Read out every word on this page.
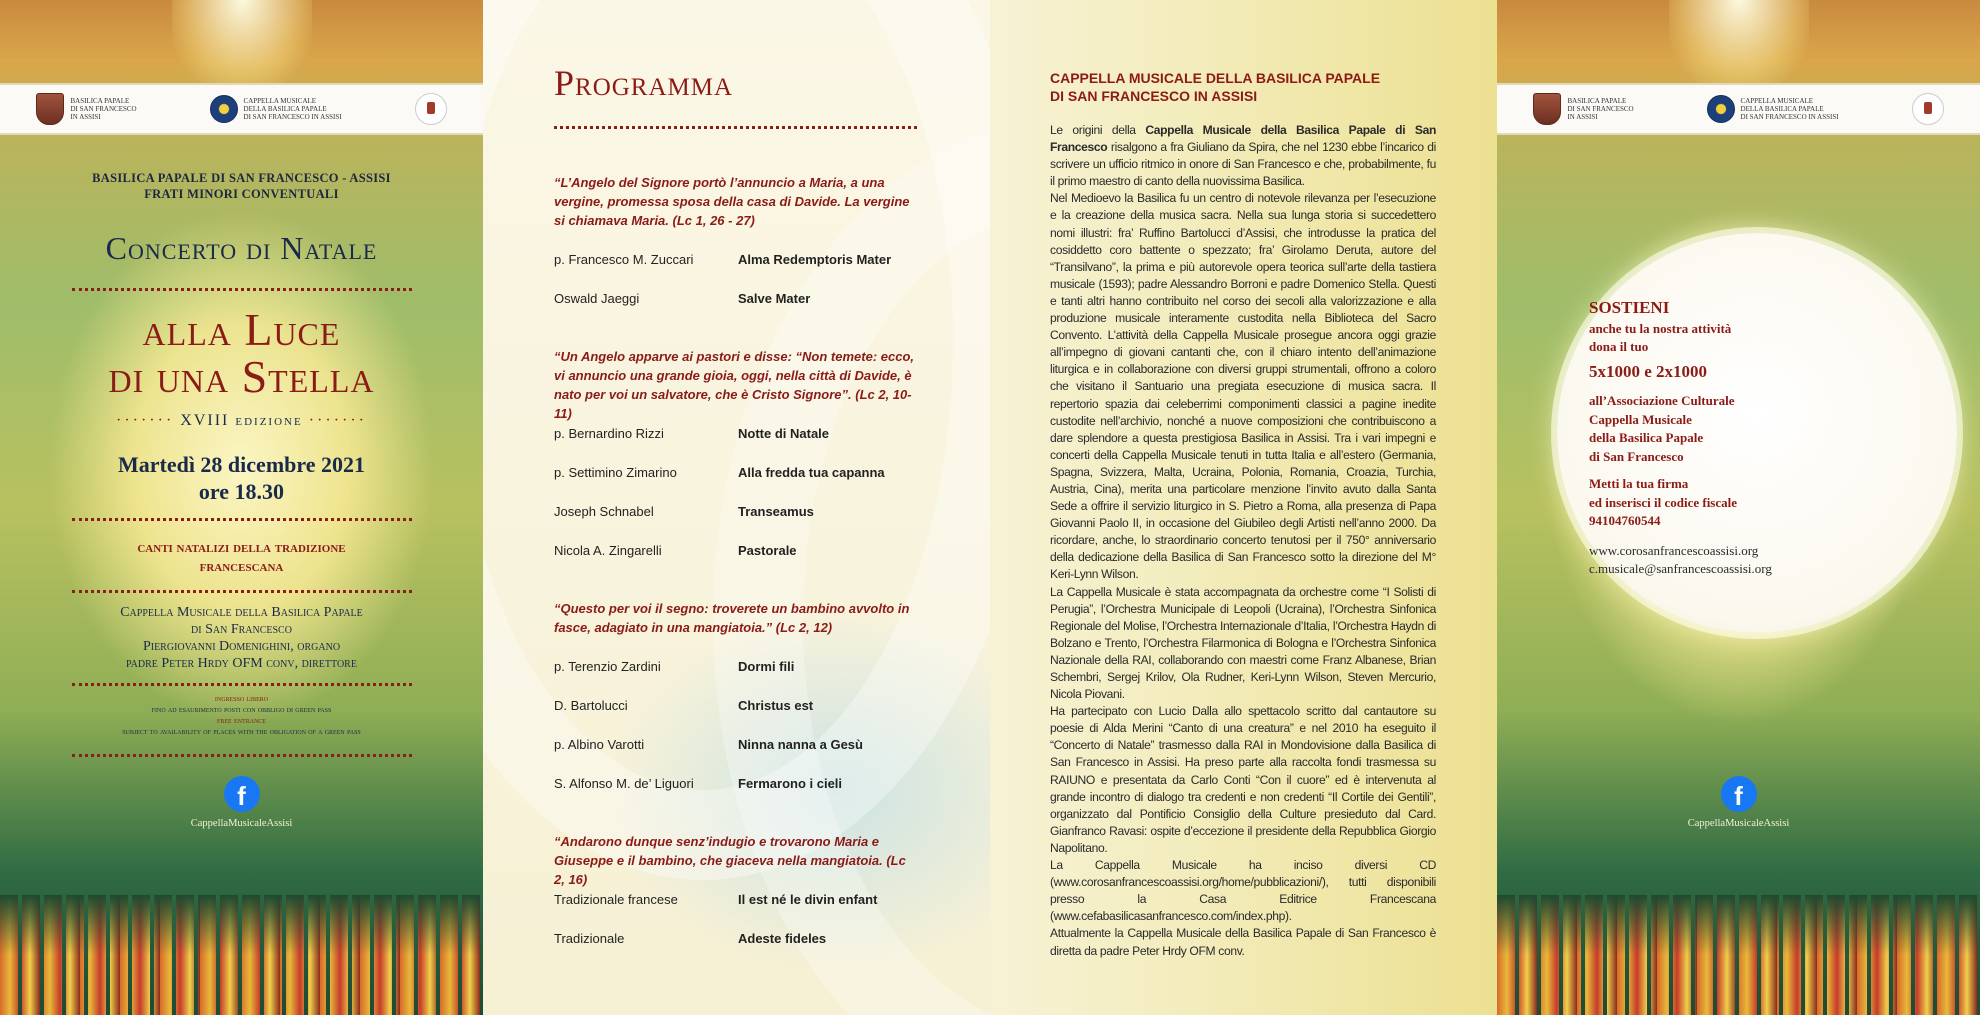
BASILICA PAPALE
DI SAN FRANCESCO
IN ASSISI
CAPPELLA MUSICALE
DELLA BASILICA PAPALE
DI SAN FRANCESCO IN ASSISI
BASILICA PAPALE DI SAN FRANCESCO - ASSISI
FRATI MINORI CONVENTUALI
Concerto di Natale
alla Luce
di una Stella
······· XVIII edizione ·······
Martedì 28 dicembre 2021
ore 18.30
canti natalizi della tradizione
francescana
Cappella Musicale della Basilica Papale
di San Francesco
Piergiovanni Domenighini, organo
padre Peter Hrdy OFM conv, direttore
ingresso libero
fino ad esaurimento posti con obbligo di green pass
free entrance
subject to availability of places with the obligation of a green pass
f
CappellaMusicaleAssisi
Programma
“L’Angelo del Signore portò l’annuncio a Maria, a una vergine, promessa sposa della casa di Davide. La vergine si chiamava Maria. (Lc 1, 26 - 27)
p. Francesco M. Zuccari	Alma Redemptoris Mater
Oswald Jaeggi	Salve Mater
“Un Angelo apparve ai pastori e disse: “Non temete: ecco, vi annuncio una grande gioia, oggi, nella città di Davide, è nato per voi un salvatore, che è Cristo Signore”. (Lc 2, 10-11)
p. Bernardino Rizzi	Notte di Natale
p. Settimino Zimarino	Alla fredda tua capanna
Joseph Schnabel	Transeamus
Nicola A. Zingarelli	Pastorale
“Questo per voi il segno: troverete un bambino avvolto in fasce, adagiato in una mangiatoia.” (Lc 2, 12)
p. Terenzio Zardini	Dormi fili
D. Bartolucci	Christus est
p. Albino Varotti	Ninna nanna a Gesù
S. Alfonso M. de’ Liguori	Fermarono i cieli
“Andarono dunque senz’indugio e trovarono Maria e Giuseppe e il bambino, che giaceva nella mangiatoia. (Lc 2, 16)
Tradizionale francese	Il est né le divin enfant
Tradizionale	Adeste fideles
CAPPELLA MUSICALE DELLA BASILICA PAPALE
DI SAN FRANCESCO IN ASSISI

Le origini della Cappella Musicale della Basilica Papale di San Francesco risalgono a fra Giuliano da Spira, che nel 1230 ebbe l’incarico di scrivere un ufficio ritmico in onore di San Francesco e che, probabilmente, fu il primo maestro di canto della nuovissima Basilica.

Nel Medioevo la Basilica fu un centro di notevole rilevanza per l’esecuzione e la creazione della musica sacra. Nella sua lunga storia si succedettero nomi illustri: fra’ Ruffino Bartolucci d’Assisi, che introdusse la pratica del cosiddetto coro battente o spezzato; fra’ Girolamo Deruta, autore del “Transilvano”, la prima e più autorevole opera teorica sull’arte della tastiera musicale (1593); padre Alessandro Borroni e padre Domenico Stella. Questi e tanti altri hanno contribuito nel corso dei secoli alla valorizzazione e alla produzione musicale interamente custodita nella Biblioteca del Sacro Convento. L’attività della Cappella Musicale prosegue ancora oggi grazie all’impegno di giovani cantanti che, con il chiaro intento dell’animazione liturgica e in collaborazione con diversi gruppi strumentali, offrono a coloro che visitano il Santuario una pregiata esecuzione di musica sacra. Il repertorio spazia dai celeberrimi componimenti classici a pagine inedite custodite nell’archivio, nonché a nuove composizioni che contribuiscono a dare splendore a questa prestigiosa Basilica in Assisi. Tra i vari impegni e concerti della Cappella Musicale tenuti in tutta Italia e all’estero (Germania, Spagna, Svizzera, Malta, Ucraina, Polonia, Romania, Croazia, Turchia, Austria, Cina), merita una particolare menzione l’invito avuto dalla Santa Sede a offrire il servizio liturgico in S. Pietro a Roma, alla presenza di Papa Giovanni Paolo II, in occasione del Giubileo degli Artisti nell’anno 2000. Da ricordare, anche, lo straordinario concerto tenutosi per il 750° anniversario della dedicazione della Basilica di San Francesco sotto la direzione del M° Keri-Lynn Wilson.

La Cappella Musicale è stata accompagnata da orchestre come “I Solisti di Perugia”, l’Orchestra Municipale di Leopoli (Ucraina), l’Orchestra Sinfonica Regionale del Molise, l’Orchestra Internazionale d’Italia, l’Orchestra Haydn di Bolzano e Trento, l’Orchestra Filarmonica di Bologna e l’Orchestra Sinfonica Nazionale della RAI, collaborando con maestri come Franz Albanese, Brian Schembri, Sergej Krilov, Ola Rudner, Keri-Lynn Wilson, Steven Mercurio, Nicola Piovani.

Ha partecipato con Lucio Dalla allo spettacolo scritto dal cantautore su poesie di Alda Merini “Canto di una creatura” e nel 2010 ha eseguito il “Concerto di Natale” trasmesso dalla RAI in Mondovisione dalla Basilica di San Francesco in Assisi. Ha preso parte alla raccolta fondi trasmessa su RAIUNO e presentata da Carlo Conti “Con il cuore” ed è intervenuta al grande incontro di dialogo tra credenti e non credenti “Il Cortile dei Gentili”, organizzato dal Pontificio Consiglio della Culture presieduto dal Card. Gianfranco Ravasi: ospite d’eccezione il presidente della Repubblica Giorgio Napolitano.

La Cappella Musicale ha inciso diversi CD (www.corosanfrancescoassisi.org/home/pubblicazioni/), tutti disponibili presso la Casa Editrice Francescana (www.cefabasilicasanfrancesco.com/index.php).

Attualmente la Cappella Musicale della Basilica Papale di San Francesco è diretta da padre Peter Hrdy OFM conv.

BASILICA PAPALE
DI SAN FRANCESCO
IN ASSISI
CAPPELLA MUSICALE
DELLA BASILICA PAPALE
DI SAN FRANCESCO IN ASSISI
SOSTIENI
anche tu la nostra attività
dona il tuo
5x1000 e 2x1000
all’Associazione Culturale
Cappella Musicale
della Basilica Papale
di San Francesco
Metti la tua firma
ed inserisci il codice fiscale
94104760544
www.corosanfrancescoassisi.org
c.musicale@sanfrancescoassisi.org
f
CappellaMusicaleAssisi
